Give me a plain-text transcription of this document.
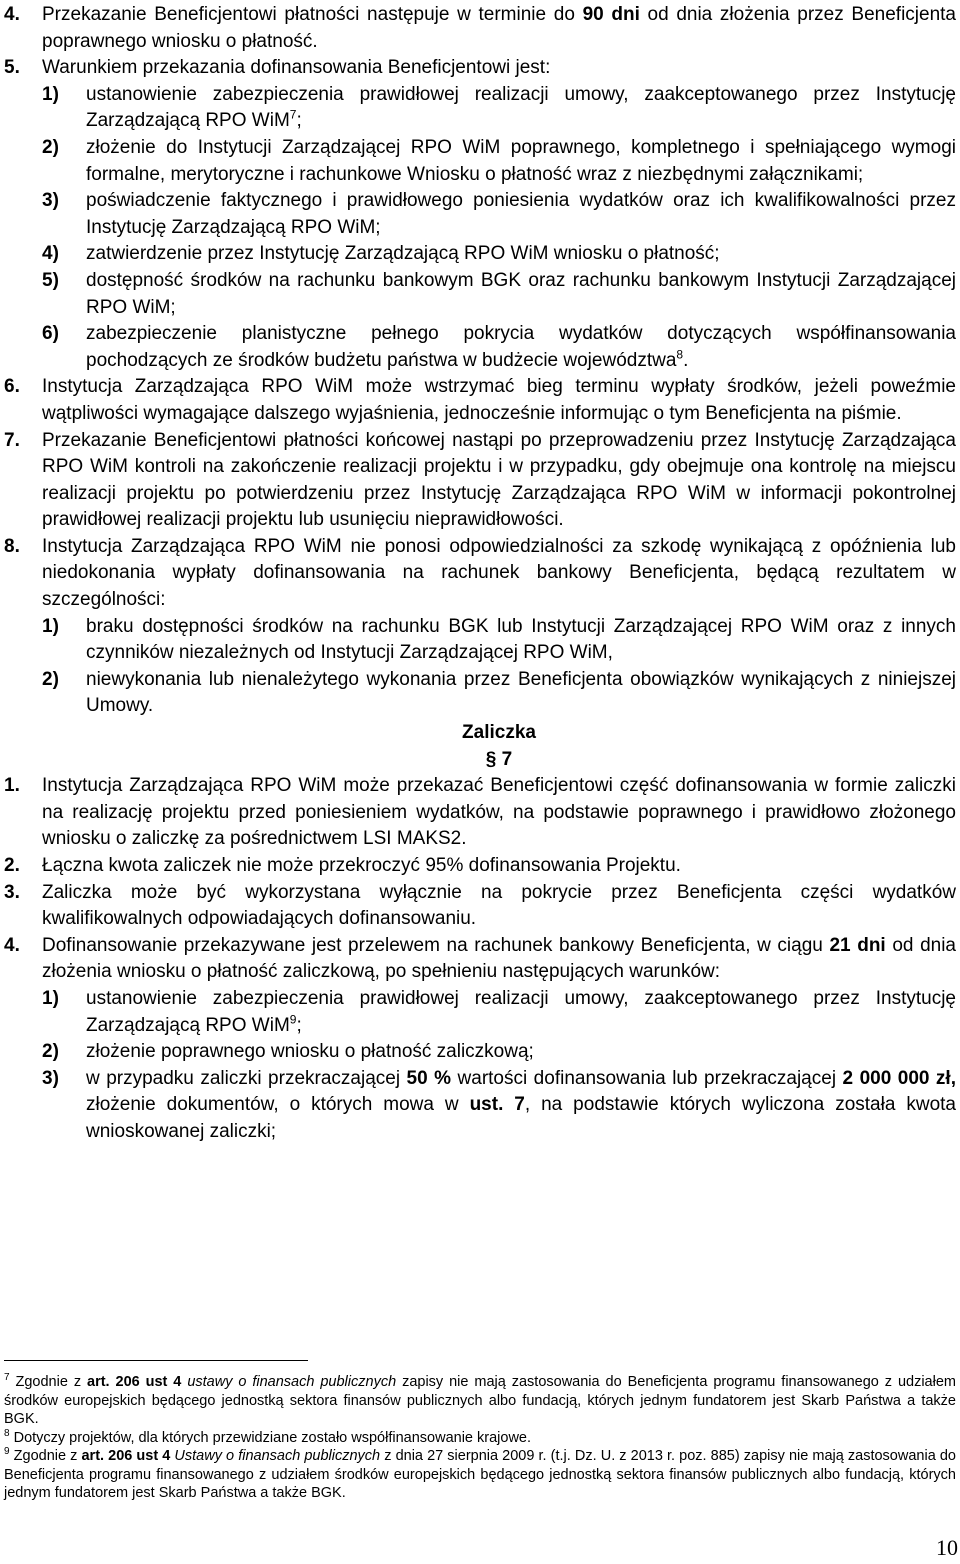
4. Przekazanie Beneficjentowi płatności następuje w terminie do 90 dni od dnia złożenia przez Beneficjenta poprawnego wniosku o płatność.
5. Warunkiem przekazania dofinansowania Beneficjentowi jest:
1) ustanowienie zabezpieczenia prawidłowej realizacji umowy, zaakceptowanego przez Instytucję Zarządzającą RPO WiM$^7$;
2) złożenie do Instytucji Zarządzającej RPO WiM poprawnego, kompletnego i spełniającego wymogi formalne, merytoryczne i rachunkowe Wniosku o płatność wraz z niezbędnymi załącznikami;
3) poświadczenie faktycznego i prawidłowego poniesienia wydatków oraz ich kwalifikowalności przez Instytucję Zarządzającą RPO WiM;
4) zatwierdzenie przez Instytucję Zarządzającą RPO WiM wniosku o płatność;
5) dostępność środków na rachunku bankowym BGK oraz rachunku bankowym Instytucji Zarządzającej RPO WiM;
6) zabezpieczenie planistyczne pełnego pokrycia wydatków dotyczących współfinansowania pochodzących ze środków budżetu państwa w budżecie województwa$^8$.
6. Instytucja Zarządzająca RPO WiM może wstrzymać bieg terminu wypłaty środków, jeżeli poweźmie wątpliwości wymagające dalszego wyjaśnienia, jednocześnie informując o tym Beneficjenta na piśmie.
7. Przekazanie Beneficjentowi płatności końcowej nastąpi po przeprowadzeniu przez Instytucję Zarządzająca RPO WiM kontroli na zakończenie realizacji projektu i w przypadku, gdy obejmuje ona kontrolę na miejscu realizacji projektu po potwierdzeniu przez Instytucję Zarządzająca RPO WiM w informacji pokontrolnej prawidłowej realizacji projektu lub usunięciu nieprawidłowości.
8. Instytucja Zarządzająca RPO WiM nie ponosi odpowiedzialności za szkodę wynikającą z opóźnienia lub niedokonania wypłaty dofinansowania na rachunek bankowy Beneficjenta, będącą rezultatem w szczególności:
1) braku dostępności środków na rachunku BGK lub Instytucji Zarządzającej RPO WiM oraz z innych czynników niezależnych od Instytucji Zarządzającej RPO WiM,
2) niewykonania lub nienależytego wykonania przez Beneficjenta obowiązków wynikających z niniejszej Umowy.
Zaliczka
§ 7
1. Instytucja Zarządzająca RPO WiM może przekazać Beneficjentowi część dofinansowania w formie zaliczki na realizację projektu przed poniesieniem wydatków, na podstawie poprawnego i prawidłowo złożonego wniosku o zaliczkę za pośrednictwem LSI MAKS2.
2. Łączna kwota zaliczek nie może przekroczyć 95% dofinansowania Projektu.
3. Zaliczka może być wykorzystana wyłącznie na pokrycie przez Beneficjenta części wydatków kwalifikowalnych odpowiadających dofinansowaniu.
4. Dofinansowanie przekazywane jest przelewem na rachunek bankowy Beneficjenta, w ciągu 21 dni od dnia złożenia wniosku o płatność zaliczkową, po spełnieniu następujących warunków:
1) ustanowienie zabezpieczenia prawidłowej realizacji umowy, zaakceptowanego przez Instytucję Zarządzającą RPO WiM$^9$;
2) złożenie poprawnego wniosku o płatność zaliczkową;
3) w przypadku zaliczki przekraczającej 50 % wartości dofinansowania lub przekraczającej 2 000 000 zł, złożenie dokumentów, o których mowa w ust. 7, na podstawie których wyliczona została kwota wnioskowanej zaliczki;
$^7$ Zgodnie z art. 206 ust 4 ustawy o finansach publicznych zapisy nie mają zastosowania do Beneficjenta programu finansowanego z udziałem środków europejskich będącego jednostką sektora finansów publicznych albo fundacją, których jednym fundatorem jest Skarb Państwa a także BGK.
$^8$ Dotyczy projektów, dla których przewidziane zostało współfinansowanie krajowe.
$^9$ Zgodnie z art. 206 ust 4 Ustawy o finansach publicznych z dnia 27 sierpnia 2009 r. (t.j. Dz. U. z 2013 r. poz. 885) zapisy nie mają zastosowania do Beneficjenta programu finansowanego z udziałem środków europejskich będącego jednostką sektora finansów publicznych albo fundacją, których jednym fundatorem jest Skarb Państwa a także BGK.
10
